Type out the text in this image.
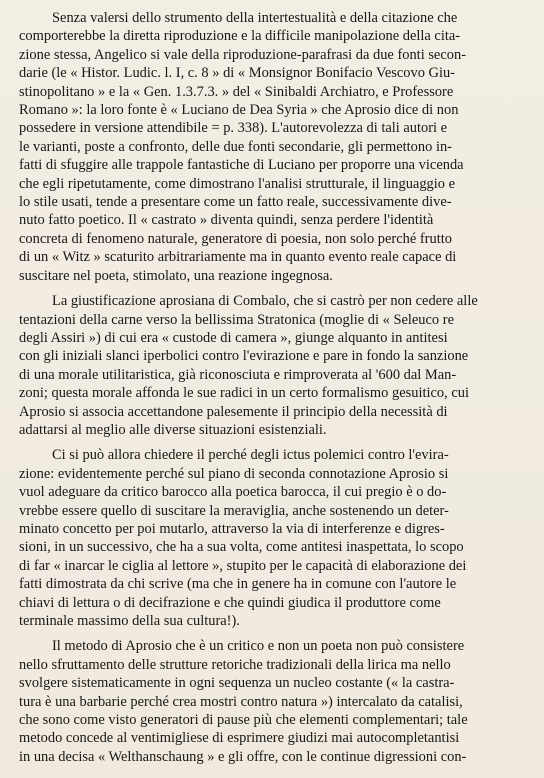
Senza valersi dello strumento della intertestualità e della citazione che
comporterebbe la diretta riproduzione e la difficile manipolazione della cita-
zione stessa, Angelico si vale della riproduzione-parafrasi da due fonti secon-
darie (le « Histor. Ludic. l. I, c. 8 » di « Monsignor Bonifacio Vescovo Giu-
stinopolitano » e la « Gen. 1.3.7.3. » del « Sinibaldi Archiatro, e Professore
Romano »: la loro fonte è « Luciano de Dea Syria » che Aprosio dice di non
possedere in versione attendibile = p. 338). L'autorevolezza di tali autori e
le varianti, poste a confronto, delle due fonti secondarie, gli permettono in-
fatti di sfuggire alle trappole fantastiche di Luciano per proporre una vicenda
che egli ripetutamente, come dimostrano l'analisi strutturale, il linguaggio e
lo stile usati, tende a presentare come un fatto reale, successivamente dive-
nuto fatto poetico. Il « castrato » diventa quindi, senza perdere l'identità
concreta di fenomeno naturale, generatore di poesia, non solo perché frutto
di un « Witz » scaturito arbitrariamente ma in quanto evento reale capace di
suscitare nel poeta, stimolato, una reazione ingegnosa.
La giustificazione aprosiana di Combalo, che si castrò per non cedere alle
tentazioni della carne verso la bellissima Stratonica (moglie di « Seleuco re
degli Assiri ») di cui era « custode di camera », giunge alquanto in antitesi
con gli iniziali slanci iperbolici contro l'evirazione e pare in fondo la sanzione
di una morale utilitaristica, già riconosciuta e rimproverata al '600 dal Man-
zoni; questa morale affonda le sue radici in un certo formalismo gesuitico, cui
Aprosio si associa accettandone palesemente il principio della necessità di
adattarsi al meglio alle diverse situazioni esistenziali.
Ci si può allora chiedere il perché degli ictus polemici contro l'evira-
zione: evidentemente perché sul piano di seconda connotazione Aprosio si
vuol adeguare da critico barocco alla poetica barocca, il cui pregio è o do-
vrebbe essere quello di suscitare la meraviglia, anche sostenendo un deter-
minato concetto per poi mutarlo, attraverso la via di interferenze e digres-
sioni, in un successivo, che ha a sua volta, come antitesi inaspettata, lo scopo
di far « inarcar le ciglia al lettore », stupito per le capacità di elaborazione dei
fatti dimostrata da chi scrive (ma che in genere ha in comune con l'autore le
chiavi di lettura o di decifrazione e che quindi giudica il produttore come
terminale massimo della sua cultura!).
Il metodo di Aprosio che è un critico e non un poeta non può consistere
nello sfruttamento delle strutture retoriche tradizionali della lirica ma nello
svolgere sistematicamente in ogni sequenza un nucleo costante (« la castra-
tura è una barbarie perché crea mostri contro natura ») intercalato da catalisi,
che sono come visto generatori di pause più che elementi complementari; tale
metodo concede al ventimigliese di esprimere giudizi mai autocompletantisi
in una decisa « Welthanschaung » e gli offre, con le continue digressioni con-
